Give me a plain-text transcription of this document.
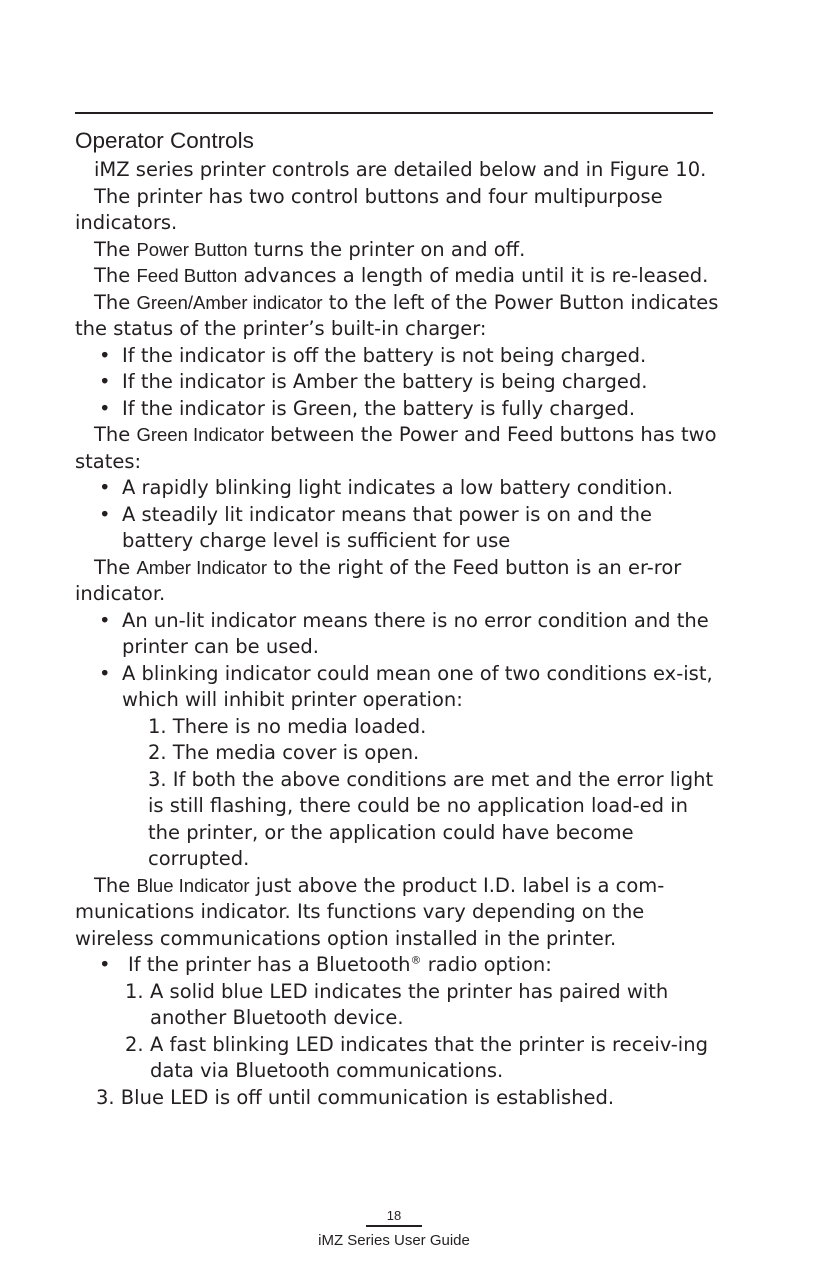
Operator Controls

iMZ series printer controls are detailed below and in Figure 10.

The printer has two control buttons and four multipurpose indicators.

The Power Button turns the printer on and off.

The Feed Button advances a length of media until it is re-leased.

The Green/Amber indicator to the left of the Power Button indicates the status of the printer’s built-in charger:

• If the indicator is off the battery is not being charged.
• If the indicator is Amber the battery is being charged.
• If the indicator is Green, the battery is fully charged.

The Green Indicator between the Power and Feed buttons has two states:

• A rapidly blinking light indicates a low battery condition.
• A steadily lit indicator means that power is on and the battery charge level is sufficient for use

The Amber Indicator to the right of the Feed button is an er-ror indicator.

• An un-lit indicator means there is no error condition and the printer can be used.
• A blinking indicator could mean one of two conditions ex-ist, which will inhibit printer operation:
1. There is no media loaded.
2. The media cover is open.
3. If both the above conditions are met and the error light is still flashing, there could be no application load-ed in the printer, or the application could have become corrupted.

The Blue Indicator just above the product I.D. label is a com-munications indicator. Its functions vary depending on the wireless communications option installed in the printer.

• If the printer has a Bluetooth® radio option:
1. A solid blue LED indicates the printer has paired with another Bluetooth device.
2. A fast blinking LED indicates that the printer is receiv-ing data via Bluetooth communications.
3. Blue LED is off until communication is established.
18
iMZ Series User Guide
